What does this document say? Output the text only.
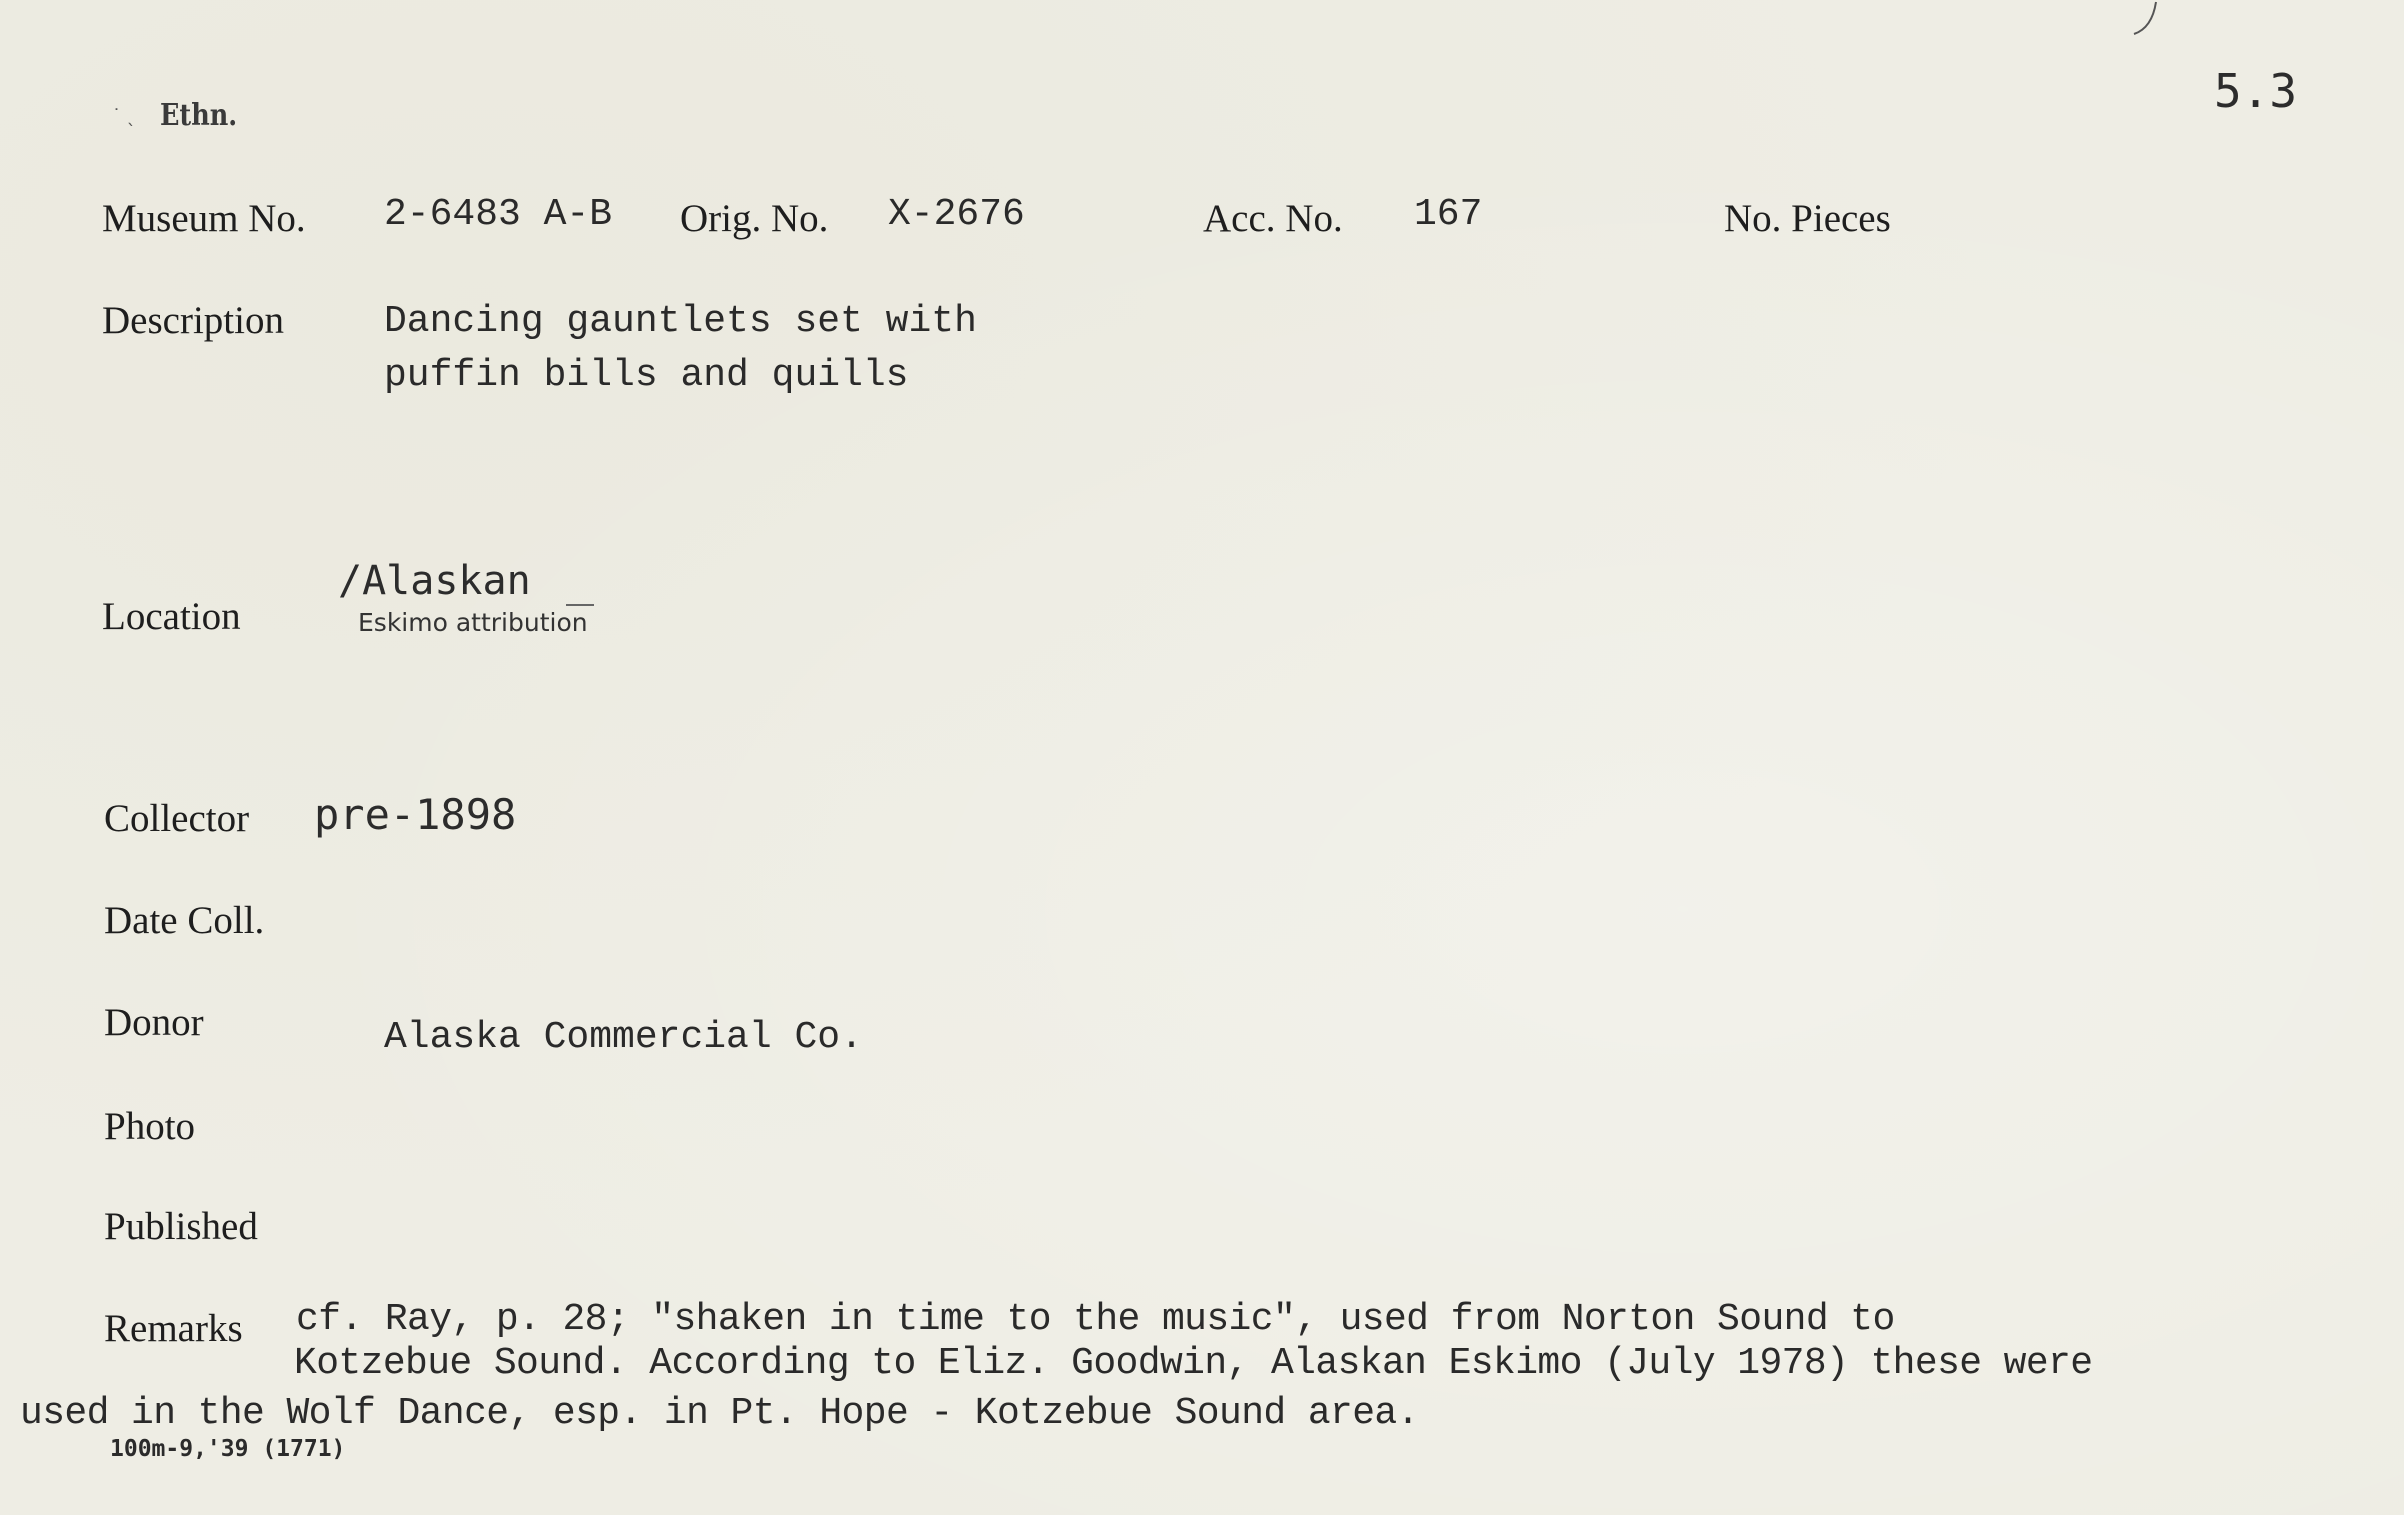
Ethn.
˙ ˎ	5.3
Museum No. 2-6483 A-B Orig. No. X-2676	Acc. No. 167	No. Pieces
Description	Dancing gauntlets set with
puffin bills and quills
Location
/Alaskan
Eskimo attribution
Collector pre-1898
Date Coll.
Donor	Alaska Commercial Co.
Photo
Published
Remarks cf. Ray, p. 28; "shaken in time to the music", used from Norton Sound to
Kotzebue Sound. According to Eliz. Goodwin, Alaskan Eskimo (July 1978) these were
used in the Wolf Dance, esp. in Pt. Hope - Kotzebue Sound area.
100m-9,'39 (1771)
